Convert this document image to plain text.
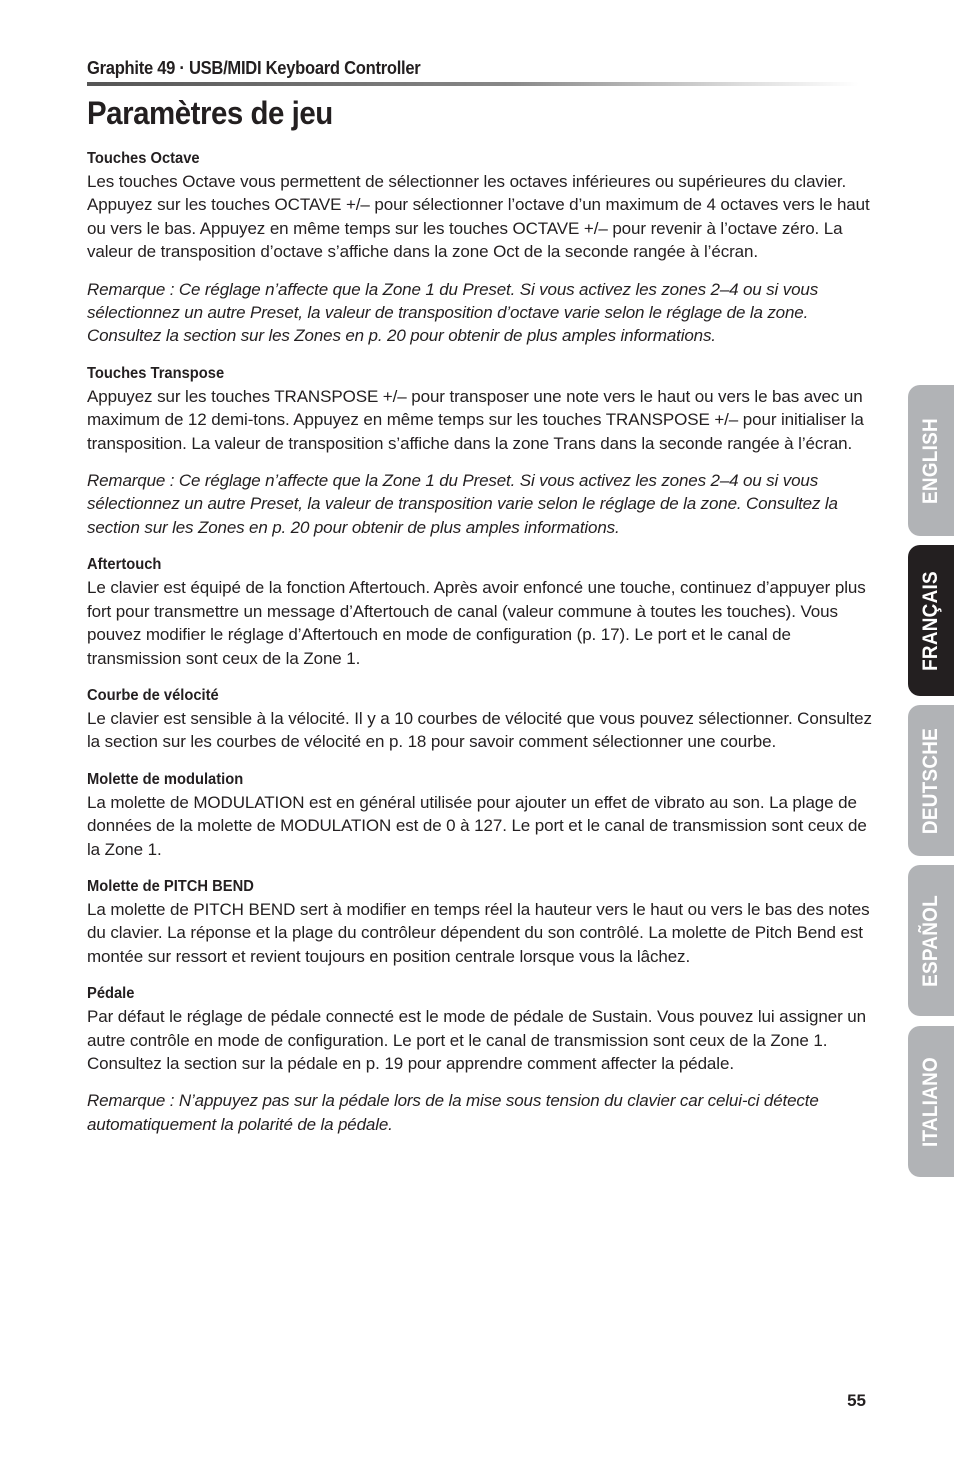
Graphite 49 · USB/MIDI Keyboard Controller
Paramètres de jeu

Touches Octave

Les touches Octave vous permettent de sélectionner les octaves inférieures ou supérieures du clavier. Appuyez sur les touches OCTAVE +/– pour sélectionner l’octave d’un maximum de 4 octaves vers le haut ou vers le bas. Appuyez en même temps sur les touches OCTAVE +/– pour revenir à l’octave zéro. La valeur de transposition d’octave s’affiche dans la zone Oct de la seconde rangée à l’écran.

Remarque : Ce réglage n’affecte que la Zone 1 du Preset. Si vous activez les zones 2–4 ou si vous sélectionnez un autre Preset, la valeur de transposition d’octave varie selon le réglage de la zone. Consultez la section sur les Zones en p. 20 pour obtenir de plus amples informations.

Touches Transpose

Appuyez sur les touches TRANSPOSE +/– pour transposer une note vers le haut ou vers le bas avec un maximum de 12 demi-tons. Appuyez en même temps sur les touches TRANSPOSE +/– pour initialiser la transposition. La valeur de transposition s’affiche dans la zone Trans dans la seconde rangée à l’écran.

Remarque : Ce réglage n’affecte que la Zone 1 du Preset. Si vous activez les zones 2–4 ou si vous sélectionnez un autre Preset, la valeur de transposition varie selon le réglage de la zone. Consultez la section sur les Zones en p. 20 pour obtenir de plus amples informations.

Aftertouch

Le clavier est équipé de la fonction Aftertouch. Après avoir enfoncé une touche, continuez d’appuyer plus fort pour transmettre un message d’Aftertouch de canal (valeur commune à toutes les touches). Vous pouvez modifier le réglage d’Aftertouch en mode de configuration (p. 17). Le port et le canal de transmission sont ceux de la Zone 1.

Courbe de vélocité

Le clavier est sensible à la vélocité. Il y a 10 courbes de vélocité que vous pouvez sélectionner. Consultez la section sur les courbes de vélocité en p. 18 pour savoir comment sélectionner une courbe.

Molette de modulation

La molette de MODULATION est en général utilisée pour ajouter un effet de vibrato au son. La plage de données de la molette de MODULATION est de 0 à 127. Le port et le canal de transmission sont ceux de la Zone 1.

Molette de PITCH BEND

La molette de PITCH BEND sert à modifier en temps réel la hauteur vers le haut ou vers le bas des notes du clavier. La réponse et la plage du contrôleur dépendent du son contrôlé. La molette de Pitch Bend est montée sur ressort et revient toujours en position centrale lorsque vous la lâchez.

Pédale

Par défaut le réglage de pédale connecté est le mode de pédale de Sustain. Vous pouvez lui assigner un autre contrôle en mode de configuration. Le port et le canal de transmission sont ceux de la Zone 1. Consultez la section sur la pédale en p. 19 pour apprendre comment affecter la pédale.

Remarque : N’appuyez pas sur la pédale lors de la mise sous tension du clavier car celui-ci détecte automatiquement la polarité de la pédale.

ENGLISH
FRANÇAIS
DEUTSCHE
ESPAÑOL
ITALIANO
55
